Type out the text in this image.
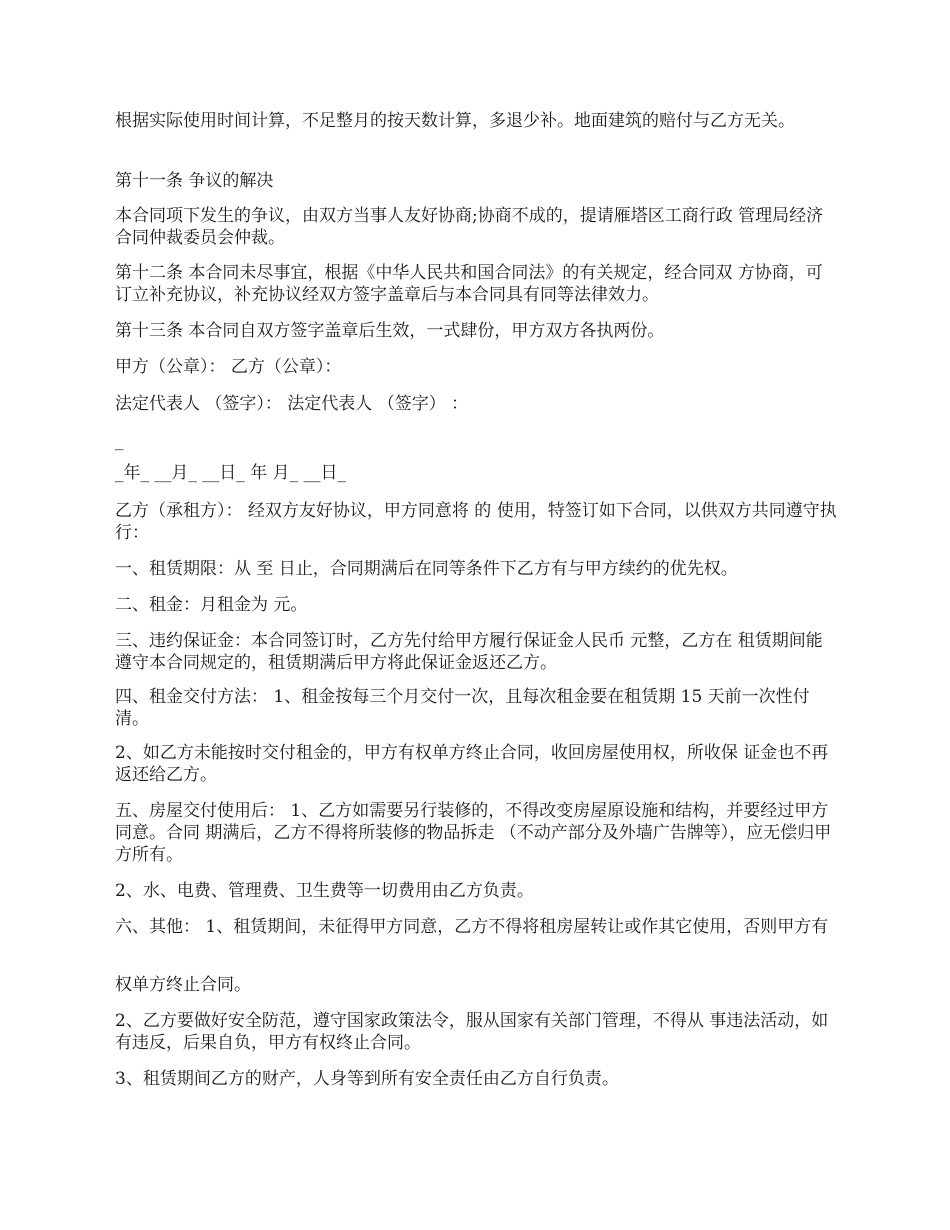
根据实际使用时间计算，不足整月的按天数计算，多退少补。地面建筑的赔付与乙方无关。

第十一条 争议的解决

本合同项下发生的争议，由双方当事人友好协商;协商不成的，提请雁塔区工商行政 管理局经济合同仲裁委员会仲裁。

第十二条 本合同未尽事宜，根据《中华人民共和国合同法》的有关规定，经合同双 方协商，可订立补充协议，补充协议经双方签字盖章后与本合同具有同等法律效力。

第十三条 本合同自双方签字盖章后生效，一式肆份，甲方双方各执两份。

甲方（公章）： 乙方（公章）：

法定代表人 （签字）： 法定代表人 （签字） ：

_

_年_ __月_ __日_ 年 月_ __日_

乙方（承租方）： 经双方友好协议，甲方同意将 的 使用，特签订如下合同，以供双方共同遵守执行：

一、租赁期限：从 至 日止，合同期满后在同等条件下乙方有与甲方续约的优先权。

二、租金：月租金为 元。

三、违约保证金：本合同签订时，乙方先付给甲方履行保证金人民币 元整，乙方在 租赁期间能遵守本合同规定的，租赁期满后甲方将此保证金返还乙方。

四、租金交付方法： 1、租金按每三个月交付一次，且每次租金要在租赁期 15 天前一次性付清。

2、如乙方未能按时交付租金的，甲方有权单方终止合同，收回房屋使用权，所收保 证金也不再返还给乙方。

五、房屋交付使用后： 1、乙方如需要另行装修的，不得改变房屋原设施和结构，并要经过甲方同意。合同 期满后，乙方不得将所装修的物品拆走 （不动产部分及外墙广告牌等），应无偿归甲方所有。

2、水、电费、管理费、卫生费等一切费用由乙方负责。

六、其他： 1、租赁期间，未征得甲方同意，乙方不得将租房屋转让或作其它使用，否则甲方有

权单方终止合同。

2、乙方要做好安全防范，遵守国家政策法令，服从国家有关部门管理，不得从 事违法活动，如有违反，后果自负，甲方有权终止合同。

3、租赁期间乙方的财产，人身等到所有安全责任由乙方自行负责。
